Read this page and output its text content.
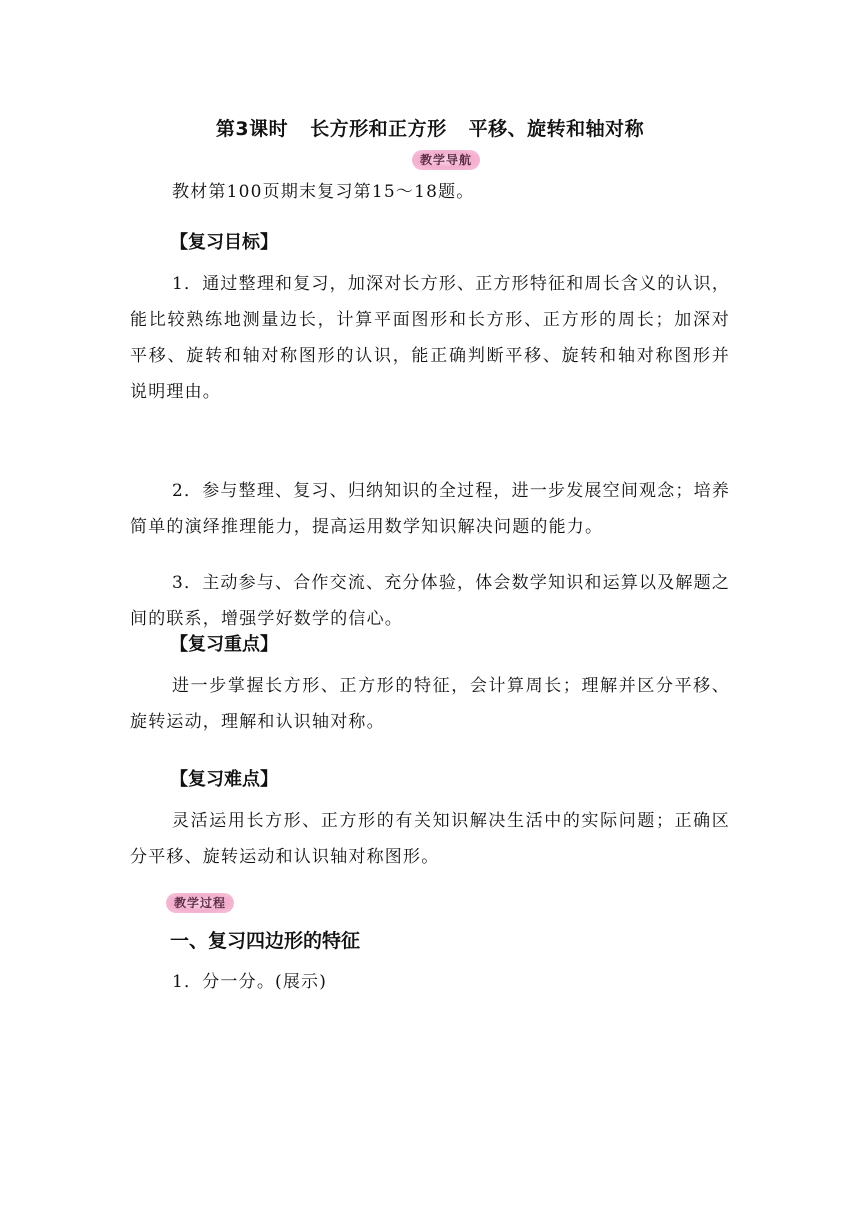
第3课时 长方形和正方形 平移、旋转和轴对称
教学导航
教材第100页期末复习第15～18题。
【复习目标】
1．通过整理和复习，加深对长方形、正方形特征和周长含义的认识，能比较熟练地测量边长，计算平面图形和长方形、正方形的周长；加深对平移、旋转和轴对称图形的认识，能正确判断平移、旋转和轴对称图形并说明理由。
2．参与整理、复习、归纳知识的全过程，进一步发展空间观念；培养简单的演绎推理能力，提高运用数学知识解决问题的能力。
3．主动参与、合作交流、充分体验，体会数学知识和运算以及解题之间的联系，增强学好数学的信心。
【复习重点】
进一步掌握长方形、正方形的特征，会计算周长；理解并区分平移、旋转运动，理解和认识轴对称。
【复习难点】
灵活运用长方形、正方形的有关知识解决生活中的实际问题；正确区分平移、旋转运动和认识轴对称图形。
教学过程
一、复习四边形的特征
1．分一分。(展示)
